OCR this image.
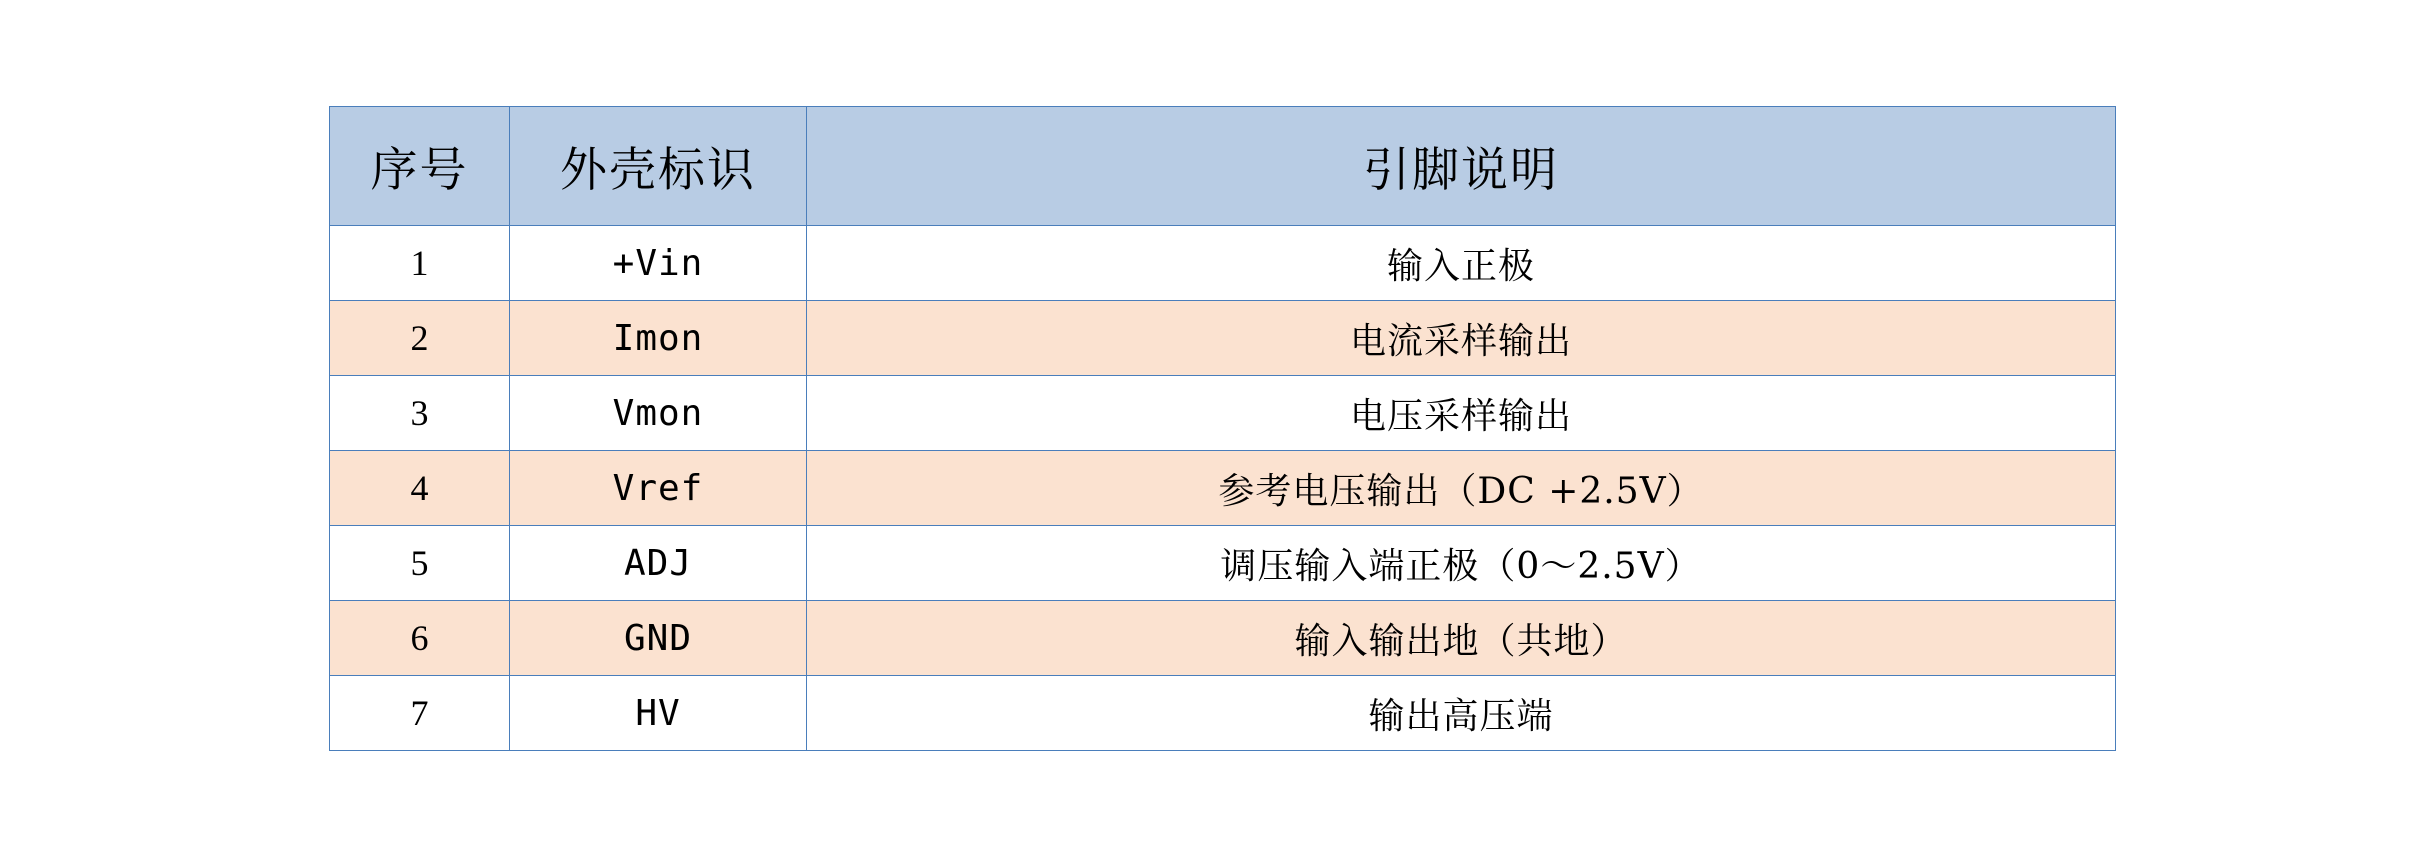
序号	外壳标识	引脚说明
1	+Vin	输入正极
2	Imon	电流采样输出
3	Vmon	电压采样输出
4	Vref	参考电压输出（DC +2.5V）
5	ADJ	调压输入端正极（0～2.5V）
6	GND	输入输出地（共地）
7	HV	输出高压端
